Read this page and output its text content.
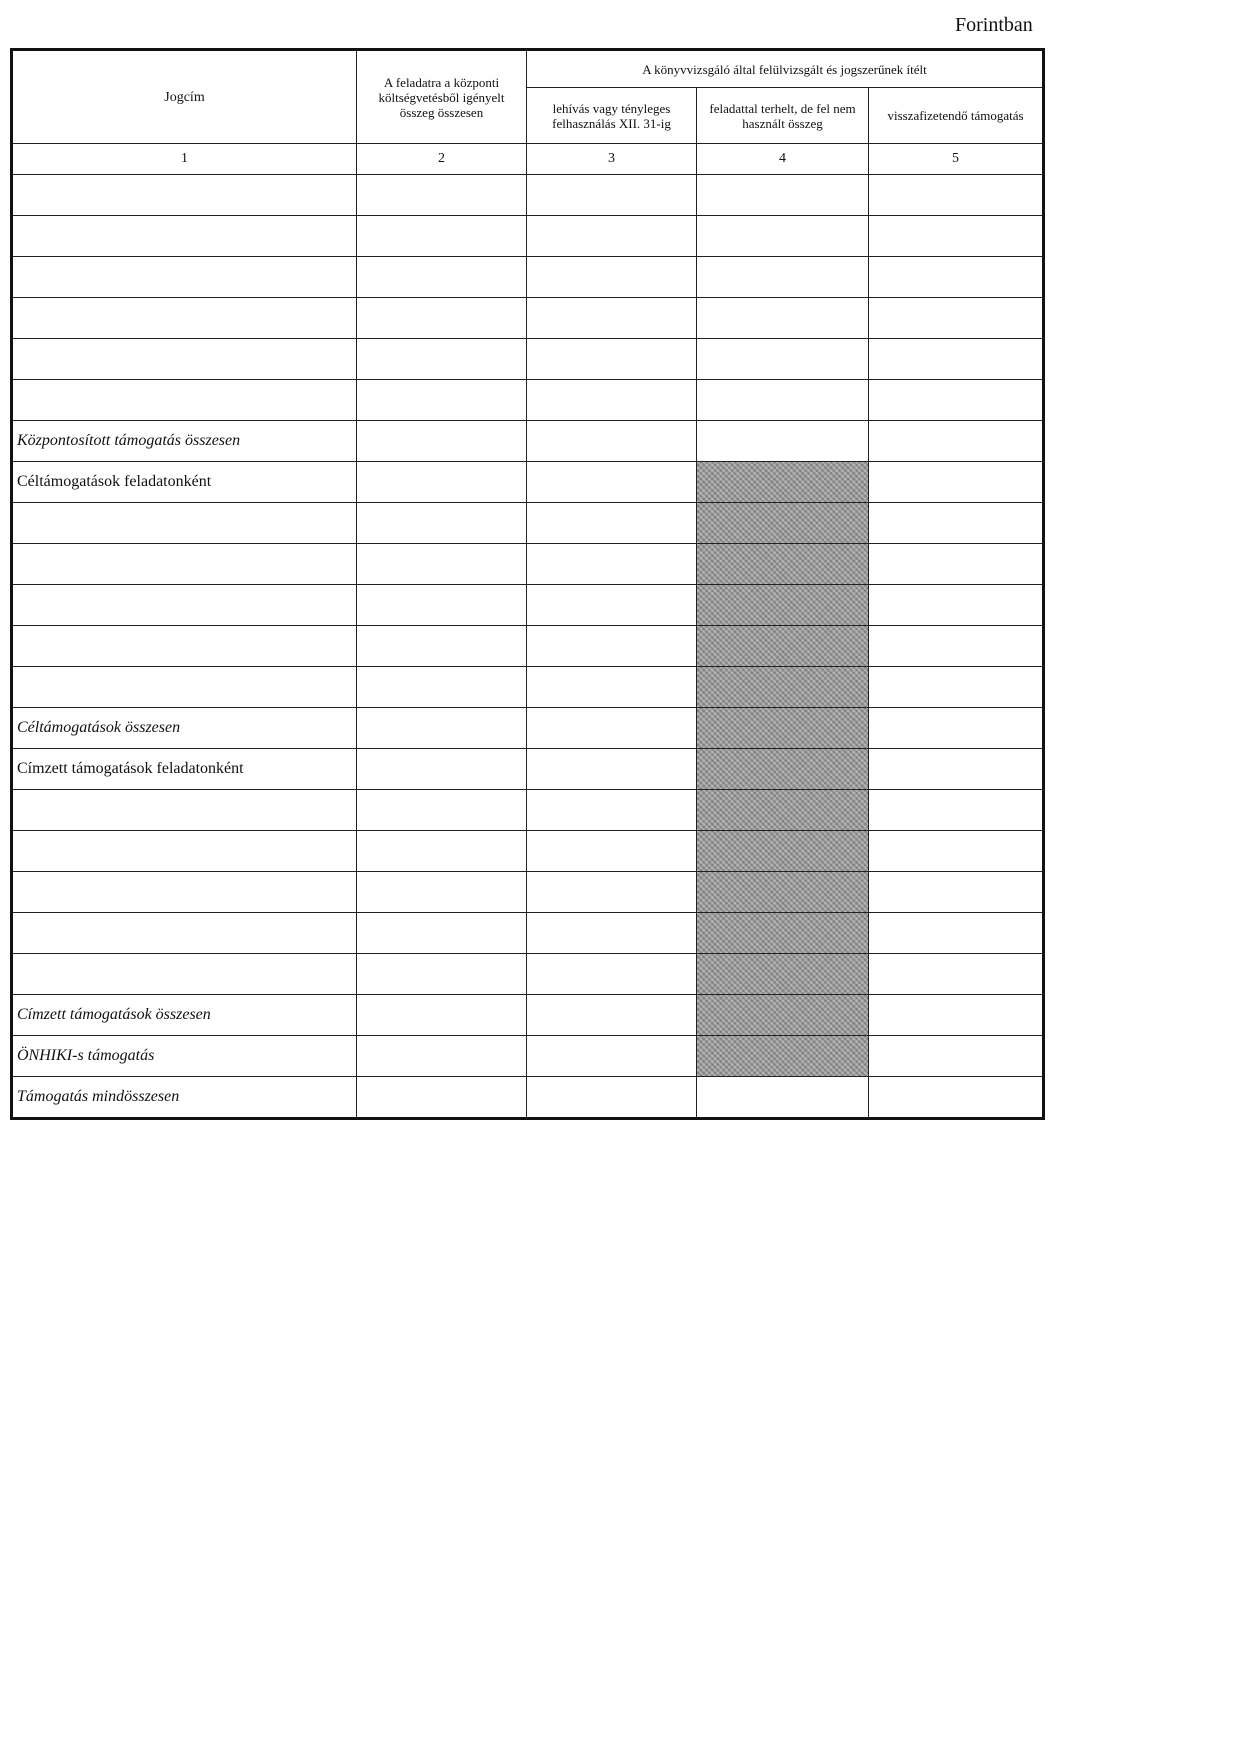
Forintban
Jogcím	A feladatra a központi költségvetésből igényelt összeg összesen	A könyvvizsgáló által felülvizsgált és jogszerűnek ítélt		
		lehívás vagy tényleges felhasználás XII. 31-ig	feladattal terhelt, de fel nem használt összeg	visszafizetendő támogatás
1	2	3	4	5

Központosított támogatás összesen				
Céltámogatások feladatonként				

Céltámogatások összesen				
Címzett támogatások feladatonként				

Címzett támogatások összesen				
ÖNHIKI-s támogatás				
Támogatás mindösszesen				
